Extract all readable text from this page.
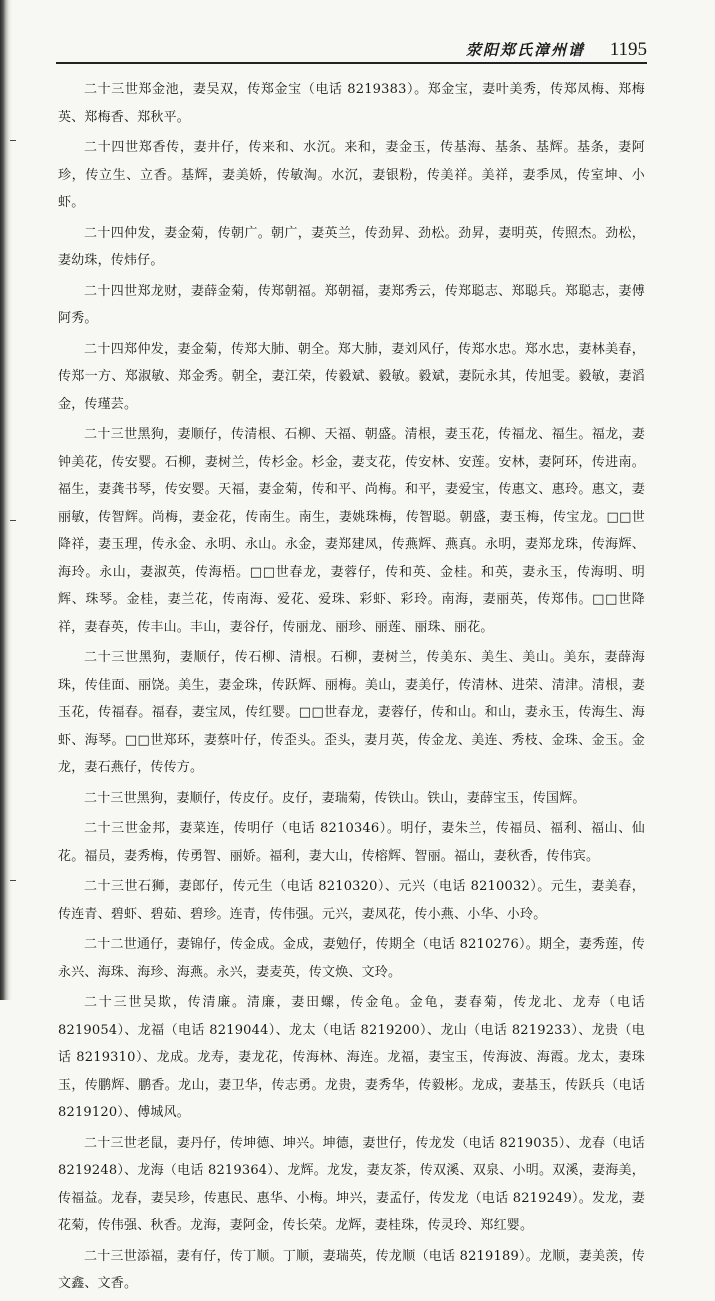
荥阳郑氏漳州谱 1195

二十三世郑金池，妻吴双，传郑金宝（电话 8219383）。郑金宝，妻叶美秀，传郑凤梅、郑梅英、郑梅香、郑秋平。

二十四世郑香传，妻井仔，传来和、水沉。来和，妻金玉，传基海、基条、基辉。基条，妻阿珍，传立生、立香。基辉，妻美娇，传敏淘。水沉，妻银粉，传美祥。美祥，妻季凤，传室坤、小虾。

二十四仲发，妻金菊，传朝广。朝广，妻英兰，传劲昇、劲松。劲昇，妻明英，传照杰。劲松，妻幼珠，传炜仔。

二十四世郑龙财，妻薛金菊，传郑朝福。郑朝福，妻郑秀云，传郑聪志、郑聪兵。郑聪志，妻傅阿秀。

二十四郑仲发，妻金菊，传郑大肺、朝全。郑大肺，妻刘风仔，传郑水忠。郑水忠，妻林美春，传郑一方、郑淑敏、郑金秀。朝全，妻江荣，传毅斌、毅敏。毅斌，妻阮永其，传旭雯。毅敏，妻滔金，传瑾芸。

二十三世黑狗，妻顺仔，传清根、石柳、天福、朝盛。清根，妻玉花，传福龙、福生。福龙，妻钟美花，传安婴。石柳，妻树兰，传杉金。杉金，妻支花，传安林、安莲。安林，妻阿环，传进南。福生，妻龚书琴，传安婴。天福，妻金菊，传和平、尚梅。和平，妻爱宝，传惠文、惠玲。惠文，妻丽敏，传智辉。尚梅，妻金花，传南生。南生，妻姚珠梅，传智聪。朝盛，妻玉梅，传宝龙。□□世降祥，妻玉理，传永金、永明、永山。永金，妻郑建凤，传燕辉、燕真。永明，妻郑龙珠，传海辉、海玲。永山，妻淑英，传海梧。□□世春龙，妻蓉仔，传和英、金桂。和英，妻永玉，传海明、明辉、珠琴。金桂，妻兰花，传南海、爱花、爱珠、彩虾、彩玲。南海，妻丽英，传郑伟。□□世降祥，妻春英，传丰山。丰山，妻谷仔，传丽龙、丽珍、丽莲、丽珠、丽花。

二十三世黑狗，妻顺仔，传石柳、清根。石柳，妻树兰，传美东、美生、美山。美东，妻薛海珠，传佳面、丽饶。美生，妻金珠，传跃辉、丽梅。美山，妻美仔，传清林、进荣、清津。清根，妻玉花，传福春。福春，妻宝凤，传红婴。□□世春龙，妻蓉仔，传和山。和山，妻永玉，传海生、海虾、海琴。□□世郑环，妻蔡叶仔，传歪头。歪头，妻月英，传金龙、美连、秀枝、金珠、金玉。金龙，妻石燕仔，传传方。

二十三世黑狗，妻顺仔，传皮仔。皮仔，妻瑞菊，传铁山。铁山，妻薛宝玉，传国辉。

二十三世金邦，妻菜连，传明仔（电话 8210346）。明仔，妻朱兰，传福员、福利、福山、仙花。福员，妻秀梅，传勇智、丽娇。福利，妻大山，传榕辉、智丽。福山，妻秋香，传伟宾。

二十三世石狮，妻郎仔，传元生（电话 8210320）、元兴（电话 8210032）。元生，妻美春，传连青、碧虾、碧茹、碧珍。连青，传伟强。元兴，妻凤花，传小燕、小华、小玲。

二十二世通仔，妻锦仔，传金成。金成，妻勉仔，传期全（电话 8210276）。期全，妻秀莲，传永兴、海珠、海珍、海燕。永兴，妻麦英，传文焕、文玲。

二十三世吴欺，传清廉。清廉，妻田螺，传金龟。金龟，妻春菊，传龙北、龙寿（电话 8219054）、龙福（电话 8219044）、龙太（电话 8219200）、龙山（电话 8219233）、龙贵（电话 8219310）、龙成。龙寿，妻龙花，传海林、海连。龙福，妻宝玉，传海波、海霞。龙太，妻珠玉，传鹏辉、鹏香。龙山，妻卫华，传志勇。龙贵，妻秀华，传毅彬。龙成，妻基玉，传跃兵（电话 8219120）、傅城风。

二十三世老鼠，妻丹仔，传坤德、坤兴。坤德，妻世仔，传龙发（电话 8219035）、龙春（电话 8219248）、龙海（电话 8219364）、龙辉。龙发，妻友茶，传双溪、双泉、小明。双溪，妻海美，传福益。龙春，妻吴珍，传惠民、惠华、小梅。坤兴，妻孟仔，传发龙（电话 8219249）。发龙，妻花菊，传伟强、秋香。龙海，妻阿金，传长荣。龙辉，妻桂珠，传灵玲、郑红婴。

二十三世添福，妻有仔，传丁顺。丁顺，妻瑞英，传龙顺（电话 8219189）。龙顺，妻美羡，传文鑫、文香。
